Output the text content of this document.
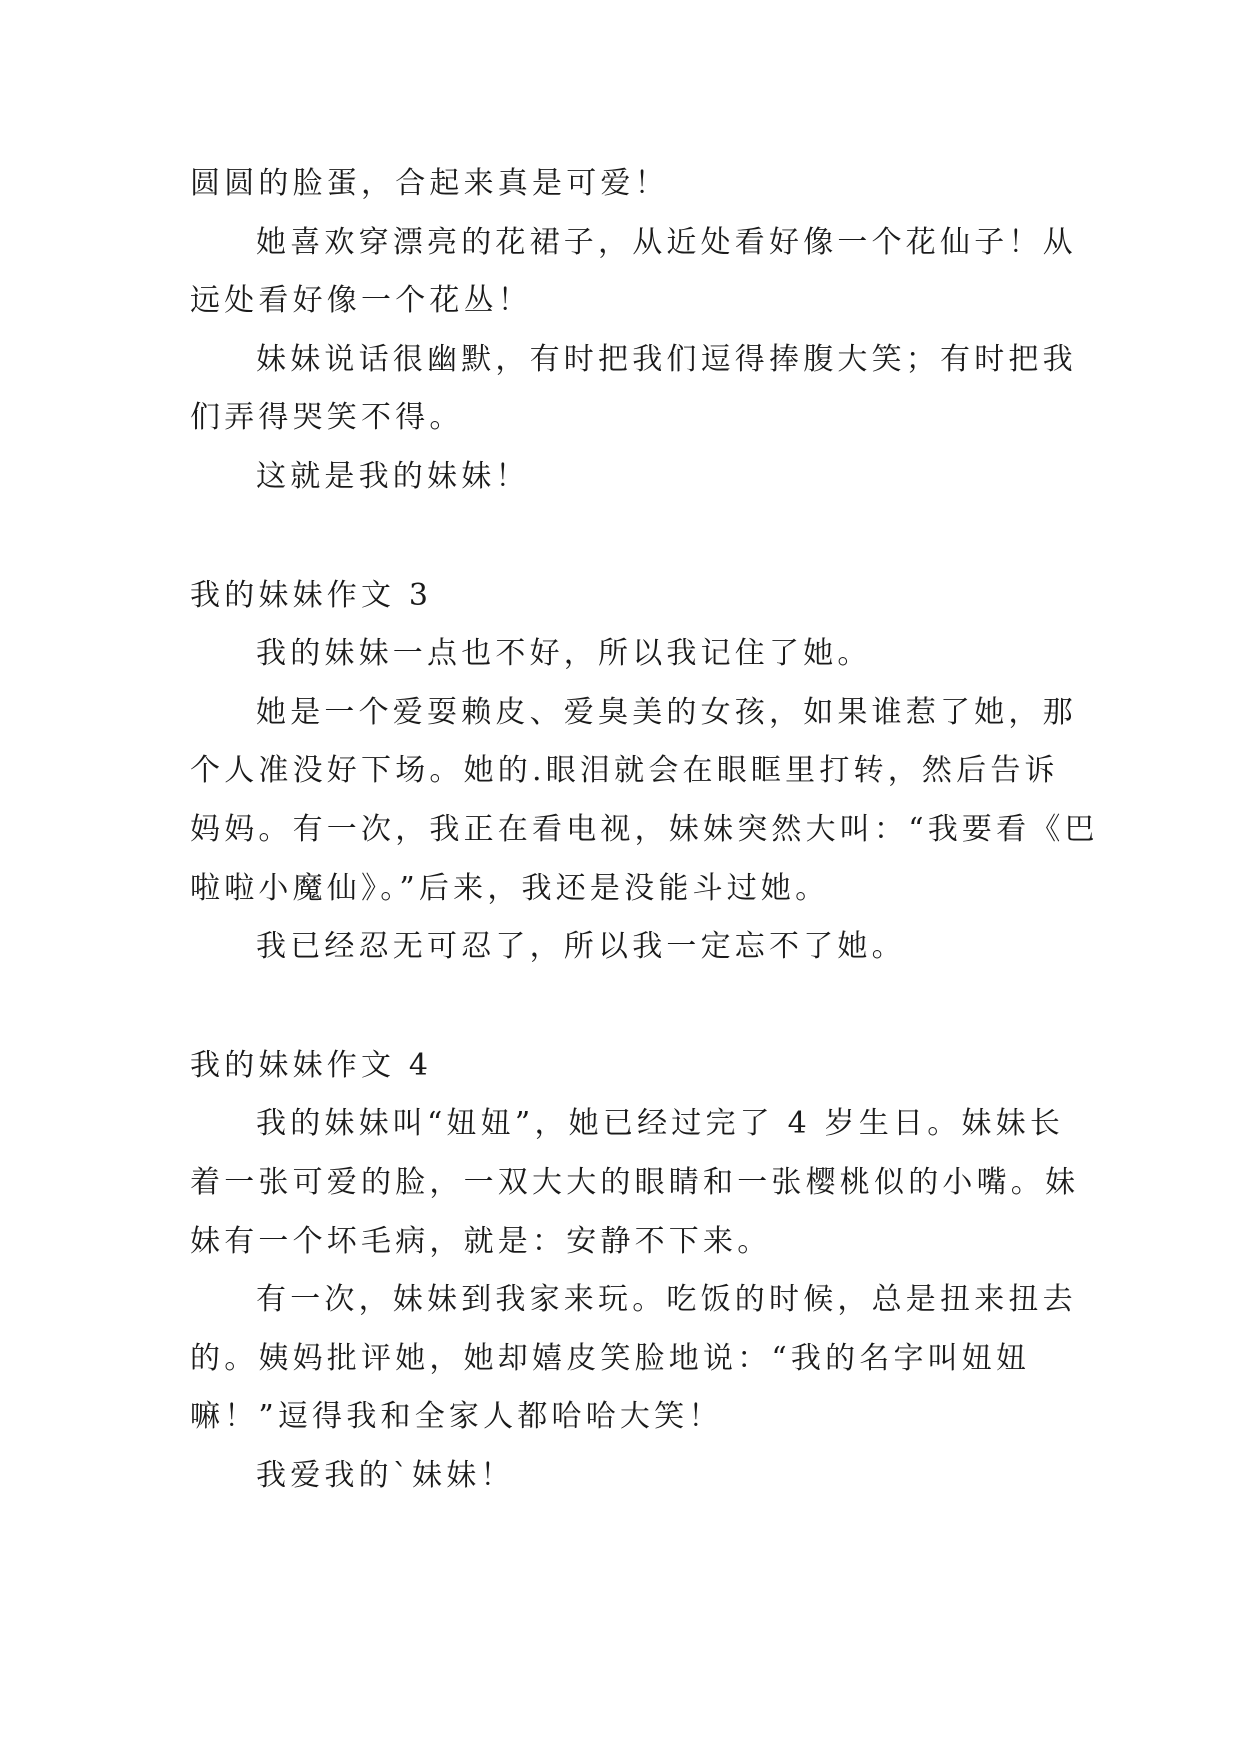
圆圆的脸蛋，合起来真是可爱！

她喜欢穿漂亮的花裙子，从近处看好像一个花仙子！从

远处看好像一个花丛！

妹妹说话很幽默，有时把我们逗得捧腹大笑；有时把我

们弄得哭笑不得。

这就是我的妹妹！

我的妹妹作文 3

我的妹妹一点也不好，所以我记住了她。

她是一个爱耍赖皮、爱臭美的女孩，如果谁惹了她，那

个人准没好下场。她的.眼泪就会在眼眶里打转，然后告诉

妈妈。有一次，我正在看电视，妹妹突然大叫：“我要看《巴

啦啦小魔仙》。”后来，我还是没能斗过她。

我已经忍无可忍了，所以我一定忘不了她。

我的妹妹作文 4

我的妹妹叫“妞妞”，她已经过完了 4 岁生日。妹妹长

着一张可爱的脸，一双大大的眼睛和一张樱桃似的小嘴。妹

妹有一个坏毛病，就是：安静不下来。

有一次，妹妹到我家来玩。吃饭的时候，总是扭来扭去

的。姨妈批评她，她却嬉皮笑脸地说：“我的名字叫妞妞

嘛！”逗得我和全家人都哈哈大笑！

我爱我的`妹妹！
